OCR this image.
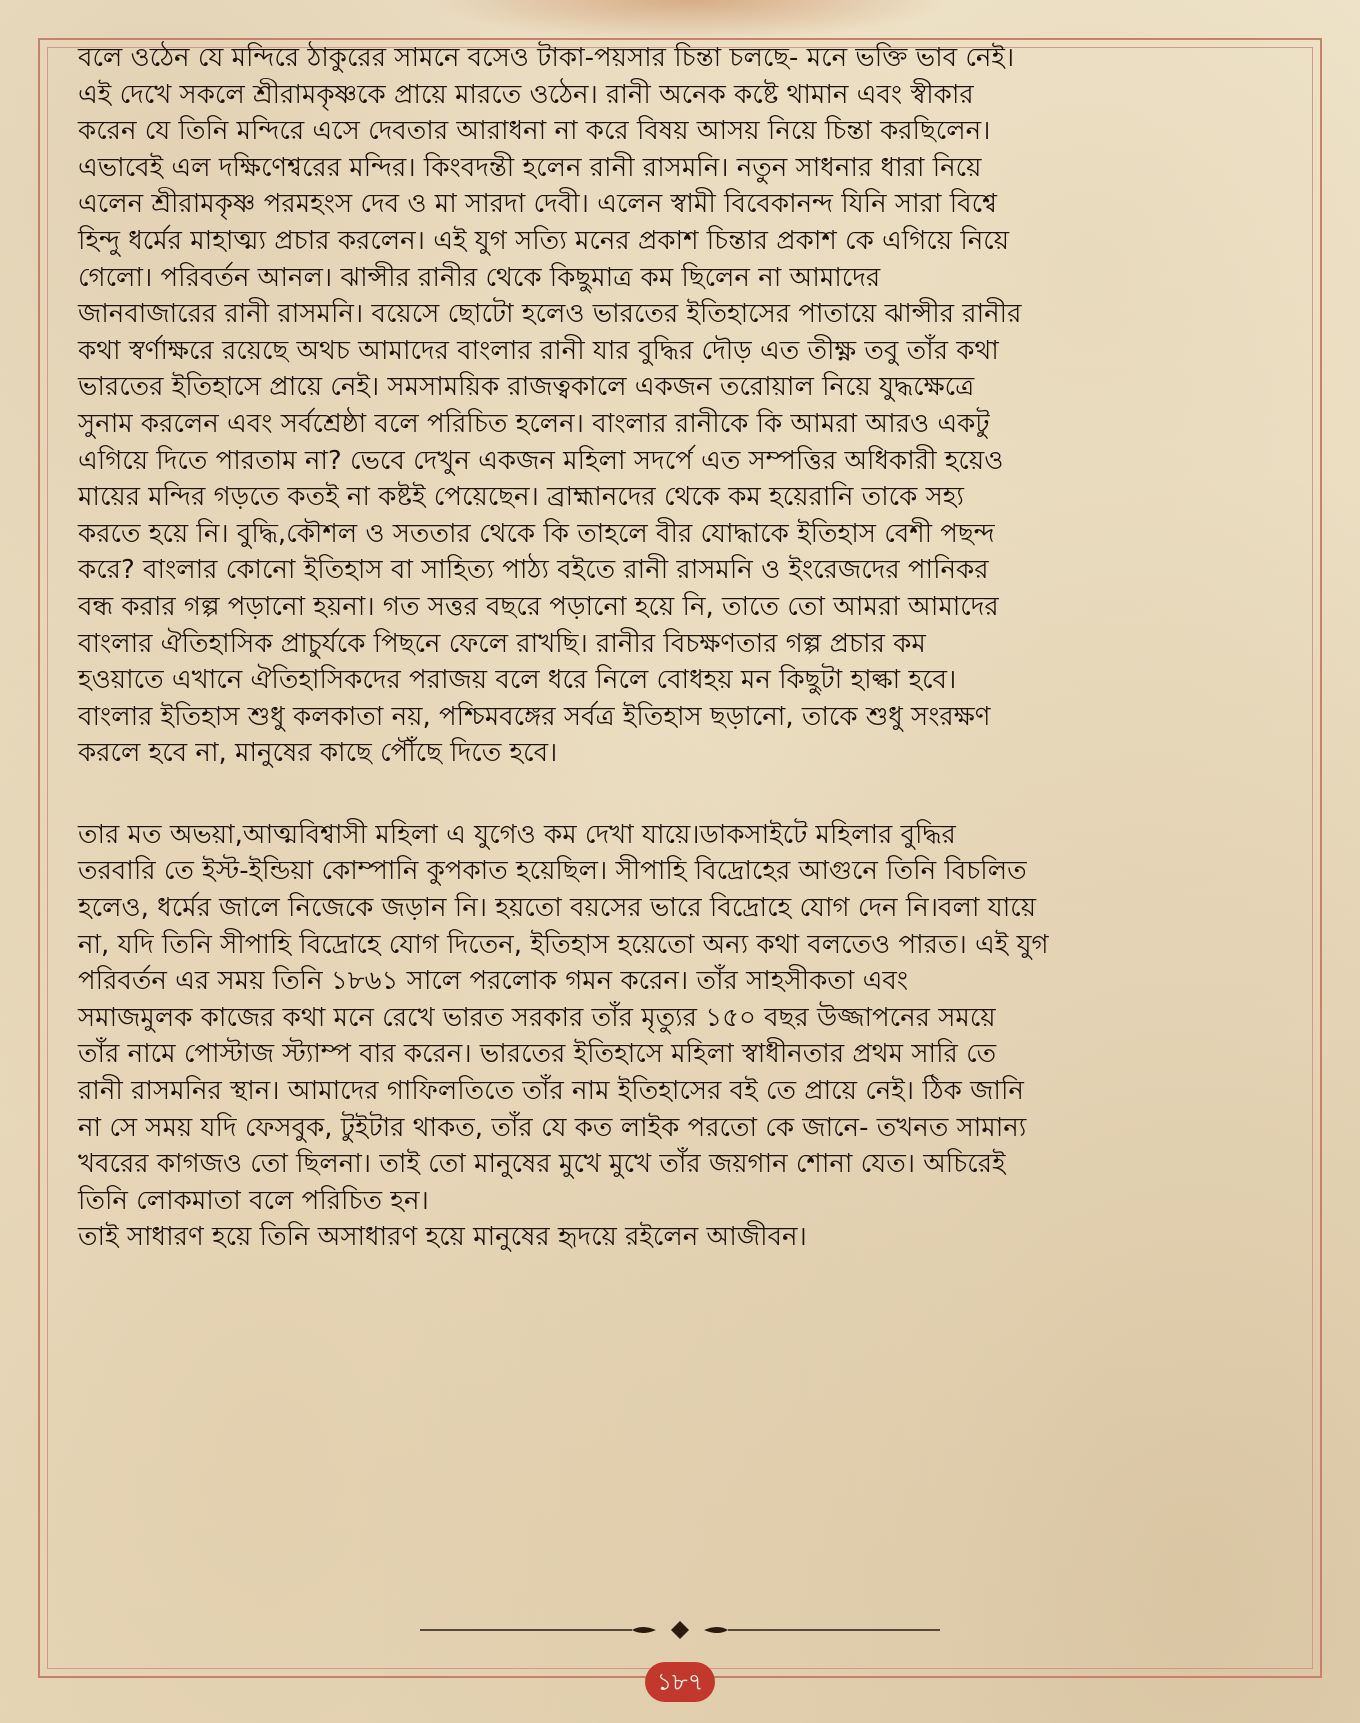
বলে ওঠেন যে মন্দিরে ঠাকুরের সামনে বসেও টাকা-পয়সার চিন্তা চলছে- মনে ভক্তি ভাব নেই।
এই দেখে সকলে শ্রীরামকৃষ্ণকে প্রায়ে মারতে ওঠেন। রানী অনেক কষ্টে থামান এবং স্বীকার
করেন যে তিনি মন্দিরে এসে দেবতার আরাধনা না করে বিষয় আসয় নিয়ে চিন্তা করছিলেন।
এভাবেই এল দক্ষিণেশ্বরের মন্দির। কিংবদন্তী হলেন রানী রাসমনি। নতুন সাধনার ধারা নিয়ে
এলেন শ্রীরামকৃষ্ণ পরমহংস দেব ও মা সারদা দেবী। এলেন স্বামী বিবেকানন্দ যিনি সারা বিশ্বে
হিন্দু ধর্মের মাহাত্ম্য প্রচার করলেন। এই যুগ সত্যি মনের প্রকাশ চিন্তার প্রকাশ কে এগিয়ে নিয়ে
গেলো। পরিবর্তন আনল। ঝান্সীর রানীর থেকে কিছুমাত্র কম ছিলেন না আমাদের
জানবাজারের রানী রাসমনি। বয়েসে ছোটো হলেও ভারতের ইতিহাসের পাতায়ে ঝান্সীর রানীর
কথা স্বর্ণাক্ষরে রয়েছে অথচ আমাদের বাংলার রানী যার বুদ্ধির দৌড় এত তীক্ষ্ণ তবু তাঁর কথা
ভারতের ইতিহাসে প্রায়ে নেই। সমসাময়িক রাজত্বকালে একজন তরোয়াল নিয়ে যুদ্ধক্ষেত্রে
সুনাম করলেন এবং সর্বশ্রেষ্ঠা বলে পরিচিত হলেন। বাংলার রানীকে কি আমরা আরও একটু
এগিয়ে দিতে পারতাম না? ভেবে দেখুন একজন মহিলা সদর্পে এত সম্পত্তির অধিকারী হয়েও
মায়ের মন্দির গড়তে কতই না কষ্টই পেয়েছেন। ব্রাহ্মানদের থেকে কম হয়েরানি তাকে সহ্য
করতে হয়ে নি। বুদ্ধি,কৌশল ও সততার থেকে কি তাহলে বীর যোদ্ধাকে ইতিহাস বেশী পছন্দ
করে? বাংলার কোনো ইতিহাস বা সাহিত্য পাঠ্য বইতে রানী রাসমনি ও ইংরেজদের পানিকর
বন্ধ করার গল্প পড়ানো হয়না। গত সত্তর বছরে পড়ানো হয়ে নি, তাতে তো আমরা আমাদের
বাংলার ঐতিহাসিক প্রাচুর্যকে পিছনে ফেলে রাখছি। রানীর বিচক্ষণতার গল্প প্রচার কম
হওয়াতে এখানে ঐতিহাসিকদের পরাজয় বলে ধরে নিলে বোধহয় মন কিছুটা হাল্কা হবে।
বাংলার ইতিহাস শুধু কলকাতা নয়, পশ্চিমবঙ্গের সর্বত্র ইতিহাস ছড়ানো, তাকে শুধু সংরক্ষণ
করলে হবে না, মানুষের কাছে পৌঁছে দিতে হবে।

তার মত অভয়া,আত্মবিশ্বাসী মহিলা এ যুগেও কম দেখা যায়ে।ডাকসাইটে মহিলার বুদ্ধির
তরবারি তে ইস্ট-ইন্ডিয়া কোম্পানি কুপকাত হয়েছিল। সীপাহি বিদ্রোহের আগুনে তিনি বিচলিত
হলেও, ধর্মের জালে নিজেকে জড়ান নি। হয়তো বয়সের ভারে বিদ্রোহে যোগ দেন নি।বলা যায়ে
না, যদি তিনি সীপাহি বিদ্রোহে যোগ দিতেন, ইতিহাস হয়েতো অন্য কথা বলতেও পারত। এই যুগ
পরিবর্তন এর সময় তিনি ১৮৬১ সালে পরলোক গমন করেন। তাঁর সাহসীকতা এবং
সমাজমুলক কাজের কথা মনে রেখে ভারত সরকার তাঁর মৃত্যুর ১৫০ বছর উজ্জাপনের সময়ে
তাঁর নামে পোস্টাজ স্ট্যাম্প বার করেন। ভারতের ইতিহাসে মহিলা স্বাধীনতার প্রথম সারি তে
রানী রাসমনির স্থান। আমাদের গাফিলতিতে তাঁর নাম ইতিহাসের বই তে প্রায়ে নেই। ঠিক জানি
না সে সময় যদি ফেসবুক, টুইটার থাকত, তাঁর যে কত লাইক পরতো কে জানে- তখনত সামান্য
খবরের কাগজও তো ছিলনা। তাই তো মানুষের মুখে মুখে তাঁর জয়গান শোনা যেত। অচিরেই
তিনি লোকমাতা বলে পরিচিত হন।
তাই সাধারণ হয়ে তিনি অসাধারণ হয়ে মানুষের হৃদয়ে রইলেন আজীবন।

১৮৭
